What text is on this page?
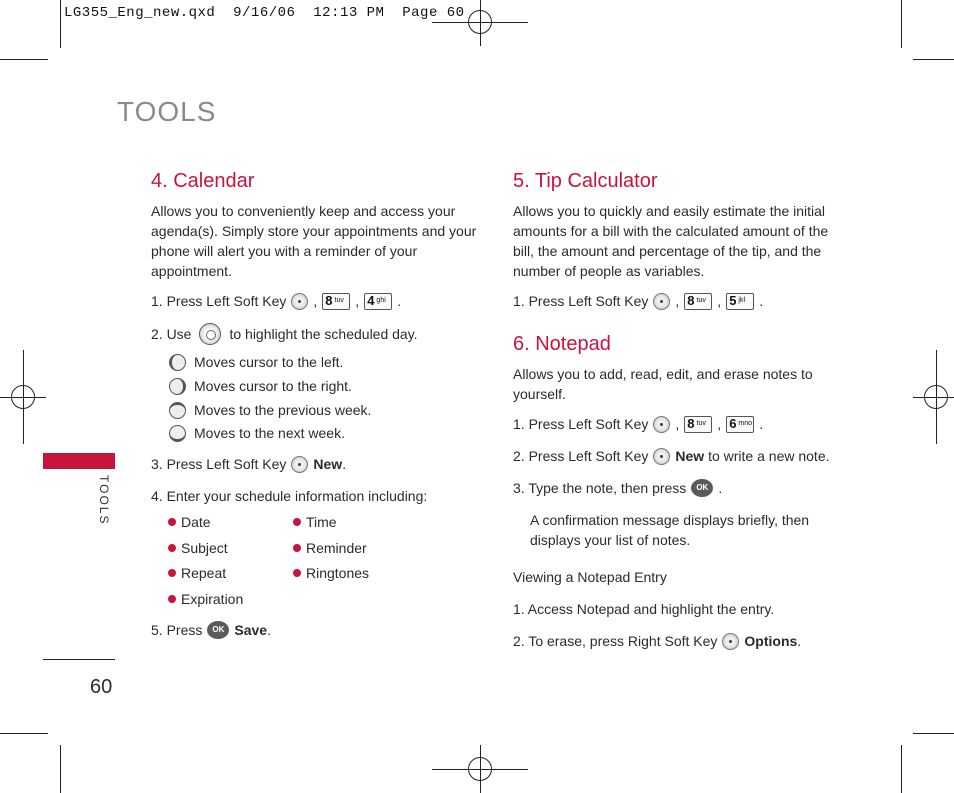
LG355_Eng_new.qxd  9/16/06  12:13 PM  Page 60
TOOLS
TOOLS
60
4. Calendar
Allows you to conveniently keep and access your agenda(s). Simply store your appointments and your phone will alert you with a reminder of your appointment.
1. Press Left Soft Key , 8 tuv , 4 ghi .
2. Use	to highlight the scheduled day.
Moves cursor to the left.
Moves cursor to the right.
Moves to the previous week.
Moves to the next week.
3. Press Left Soft Key New .
4. Enter your schedule information including:
Date
Subject
Repeat
Expiration
Time
Reminder
Ringtones
5. Press	OK Save .
5. Tip Calculator
Allows you to quickly and easily estimate the initial amounts for a bill with the calculated amount of the bill, the amount and percentage of the tip, and the number of people as variables.
1. Press Left Soft Key , 8 tuv , 5 jkl .
6. Notepad
Allows you to add, read, edit, and erase notes to yourself.
1. Press Left Soft Key , 8 tuv , 6 mno .
2. Press Left Soft Key New
to write a new note.
3. Type the note, then press	OK .
A confirmation message displays briefly, then displays your list of notes.
Viewing a Notepad Entry
1. Access Notepad and highlight the entry.
2. To erase, press Right Soft Key Options .
